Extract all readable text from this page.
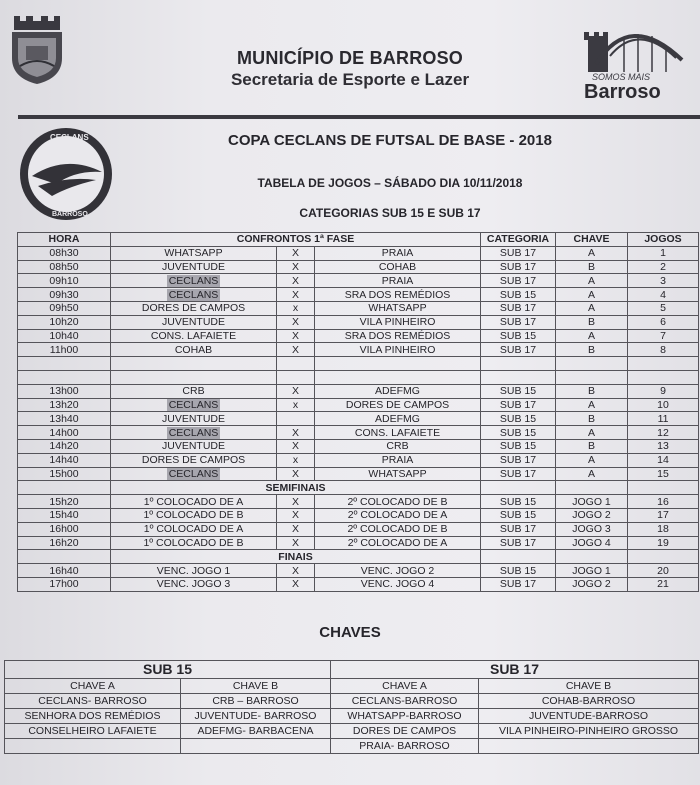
SOMOS MAIS
Barroso
MUNICÍPIO DE BARROSO
Secretaria de Esporte e Lazer
CECLANS
BARROSO
COPA CECLANS DE FUTSAL DE BASE - 2018
TABELA DE JOGOS – SÁBADO DIA 10/11/2018
CATEGORIAS SUB 15 E SUB 17
HORA	CONFRONTOS 1ª FASE			CATEGORIA	CHAVE	JOGOS
08h30	WHATSAPP	X	PRAIA	SUB 17	A	1
08h50	JUVENTUDE	X	COHAB	SUB 17	B	2
09h10	CECLANS	X	PRAIA	SUB 17	A	3
09h30	CECLANS	X	SRA DOS REMÉDIOS	SUB 15	A	4
09h50	DORES DE CAMPOS	x	WHATSAPP	SUB 17	A	5
10h20	JUVENTUDE	X	VILA PINHEIRO	SUB 17	B	6
10h40	CONS. LAFAIETE	X	SRA DOS REMÉDIOS	SUB 15	A	7
11h00	COHAB	X	VILA PINHEIRO	SUB 17	B	8

13h00	CRB	X	ADEFMG	SUB 15	B	9
13h20	CECLANS	x	DORES DE CAMPOS	SUB 17	A	10
13h40	JUVENTUDE		ADEFMG	SUB 15	B	11
14h00	CECLANS	X	CONS. LAFAIETE	SUB 15	A	12
14h20	JUVENTUDE	X	CRB	SUB 15	B	13
14h40	DORES DE CAMPOS	x	PRAIA	SUB 17	A	14
15h00	CECLANS	X	WHATSAPP	SUB 17	A	15
	SEMIFINAIS					
15h20	1º COLOCADO DE A	X	2º COLOCADO DE B	SUB 15	JOGO 1	16
15h40	1º COLOCADO DE B	X	2º COLOCADO DE A	SUB 15	JOGO 2	17
16h00	1º COLOCADO DE A	X	2º COLOCADO DE B	SUB 17	JOGO 3	18
16h20	1º COLOCADO DE B	X	2º COLOCADO DE A	SUB 17	JOGO 4	19
	FINAIS					
16h40	VENC. JOGO 1	X	VENC. JOGO 2	SUB 15	JOGO 1	20
17h00	VENC. JOGO 3	X	VENC. JOGO 4	SUB 17	JOGO 2	21
CHAVES
SUB 15		SUB 17	
CHAVE A	CHAVE B	CHAVE A	CHAVE B
CECLANS- BARROSO	CRB – BARROSO	CECLANS-BARROSO	COHAB-BARROSO
SENHORA DOS REMÉDIOS	JUVENTUDE- BARROSO	WHATSAPP-BARROSO	JUVENTUDE-BARROSO
CONSELHEIRO LAFAIETE	ADEFMG- BARBACENA	DORES DE CAMPOS	VILA PINHEIRO-PINHEIRO GROSSO
		PRAIA- BARROSO	
